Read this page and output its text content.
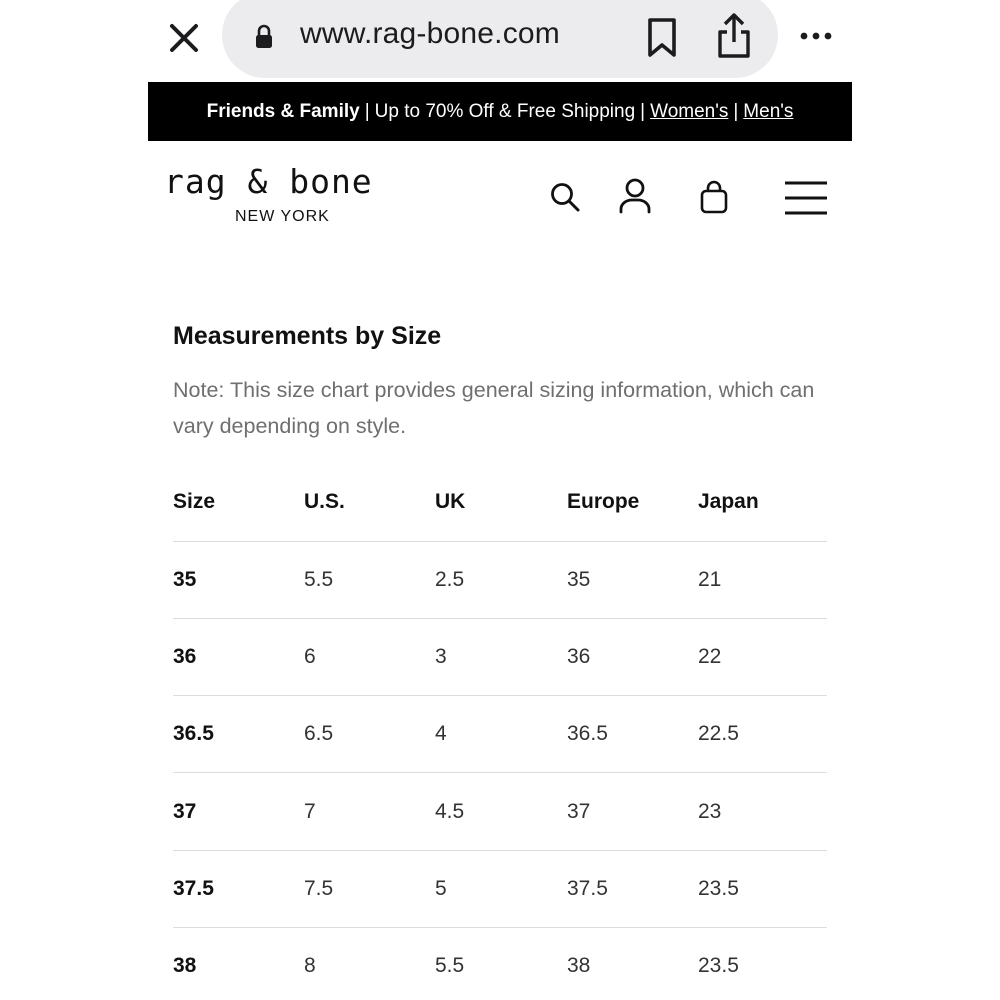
www.rag-bone.com
Friends & Family | Up to 70% Off & Free Shipping | Women's | Men's
rag & bone
NEW YORK
Measurements by Size

Note: This size chart provides general sizing information, which can vary depending on style.

Size	U.S.	UK	Europe	Japan
35	5.5	2.5	35	21
36	6	3	36	22
36.5	6.5	4	36.5	22.5
37	7	4.5	37	23
37.5	7.5	5	37.5	23.5
38	8	5.5	38	23.5
